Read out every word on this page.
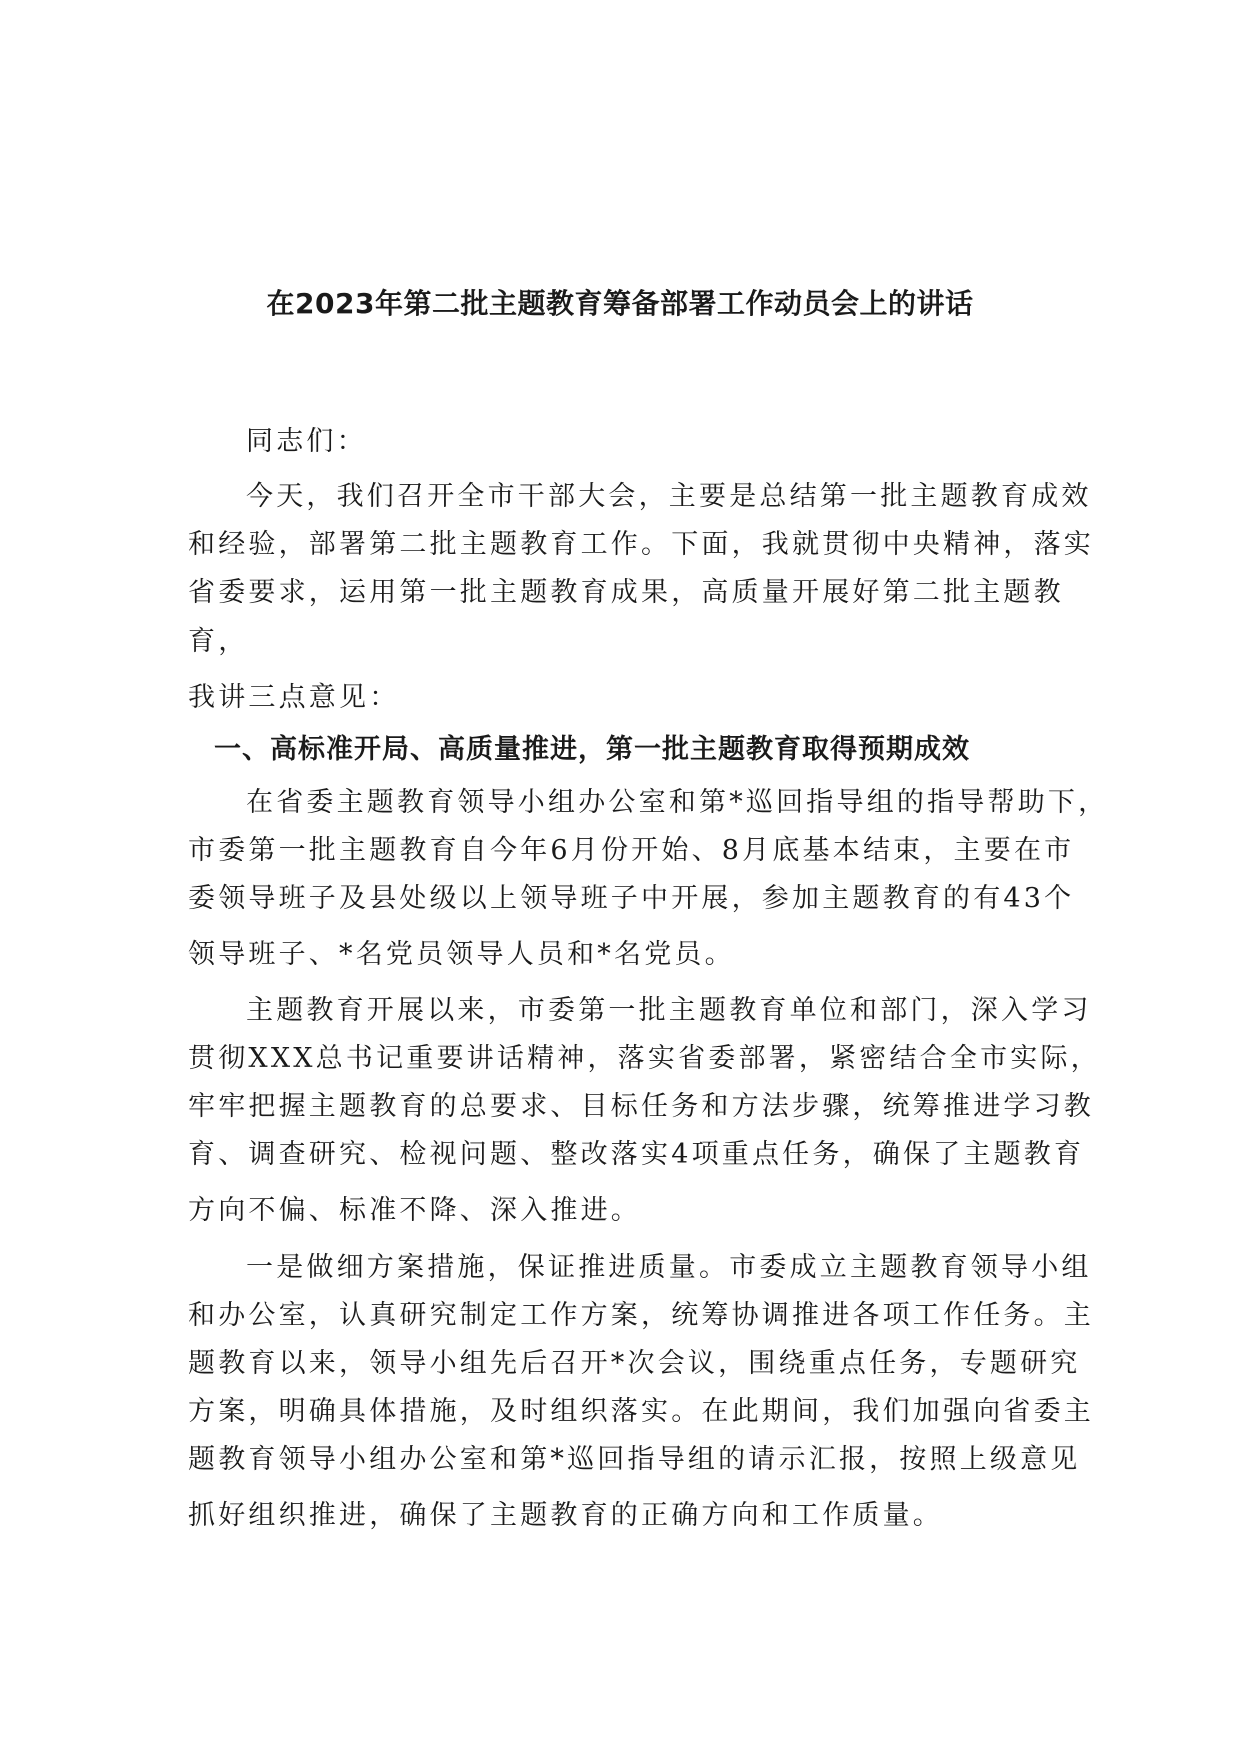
在2023年第二批主题教育筹备部署工作动员会上的讲话

同志们：

今天，我们召开全市干部大会，主要是总结第一批主题教育成效

和经验，部署第二批主题教育工作。下面，我就贯彻中央精神，落实

省委要求，运用第一批主题教育成果，高质量开展好第二批主题教

育，

我讲三点意见：

一、高标准开局、高质量推进，第一批主题教育取得预期成效

在省委主题教育领导小组办公室和第*巡回指导组的指导帮助下，

市委第一批主题教育自今年6月份开始、8月底基本结束，主要在市

委领导班子及县处级以上领导班子中开展，参加主题教育的有43个

领导班子、*名党员领导人员和*名党员。

主题教育开展以来，市委第一批主题教育单位和部门，深入学习

贯彻XXX总书记重要讲话精神，落实省委部署，紧密结合全市实际，

牢牢把握主题教育的总要求、目标任务和方法步骤，统筹推进学习教

育、调查研究、检视问题、整改落实4项重点任务，确保了主题教育

方向不偏、标准不降、深入推进。

一是做细方案措施，保证推进质量。市委成立主题教育领导小组

和办公室，认真研究制定工作方案，统筹协调推进各项工作任务。主

题教育以来，领导小组先后召开*次会议，围绕重点任务，专题研究

方案，明确具体措施，及时组织落实。在此期间，我们加强向省委主

题教育领导小组办公室和第*巡回指导组的请示汇报，按照上级意见

抓好组织推进，确保了主题教育的正确方向和工作质量。
